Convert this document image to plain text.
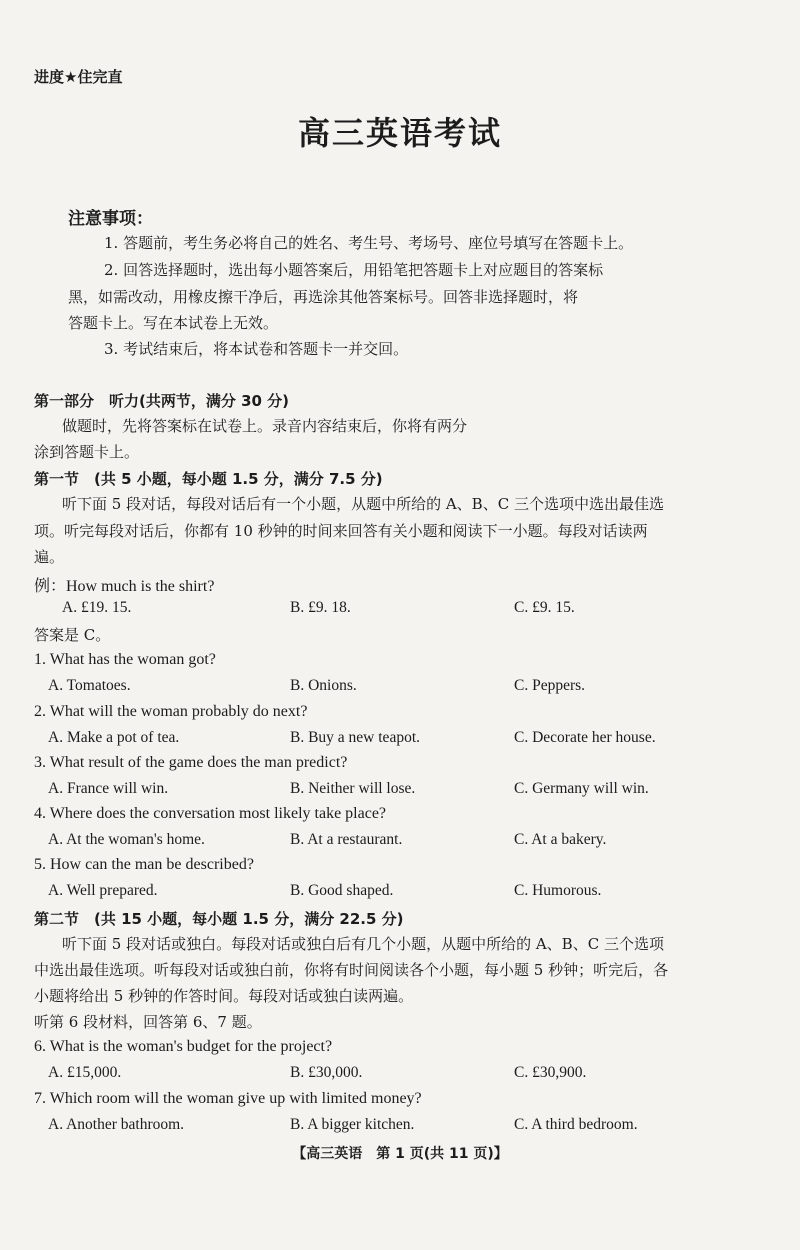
进度★住完直
高三英语考试
注意事项：
1. 答题前，考生务必将自己的姓名、考生号、考场号、座位号填写在答题卡上。
2. 回答选择题时，选出每小题答案后，用铅笔把答题卡上对应题目的答案标
黑，如需改动，用橡皮擦干净后，再选涂其他答案标号。回答非选择题时，将
答题卡上。写在本试卷上无效。
3. 考试结束后，将本试卷和答题卡一并交回。
第一部分　听力(共两节，满分 30 分)
做题时，先将答案标在试卷上。录音内容结束后，你将有两分
涂到答题卡上。
第一节　(共 5 小题，每小题 1.5 分，满分 7.5 分)
听下面 5 段对话，每段对话后有一个小题，从题中所给的 A、B、C 三个选项中选出最佳选
项。听完每段对话后，你都有 10 秒钟的时间来回答有关小题和阅读下一小题。每段对话读两
遍。
例：How much is the shirt?
A. £19. 15.	B. £9. 18.	C. £9. 15.
答案是 C。
1. What has the woman got?
A. Tomatoes.	B. Onions.	C. Peppers.
2. What will the woman probably do next?
A. Make a pot of tea.	B. Buy a new teapot.	C. Decorate her house.
3. What result of the game does the man predict?
A. France will win.	B. Neither will lose.	C. Germany will win.
4. Where does the conversation most likely take place?
A. At the woman's home.	B. At a restaurant.	C. At a bakery.
5. How can the man be described?
A. Well prepared.	B. Good shaped.	C. Humorous.
第二节　(共 15 小题，每小题 1.5 分，满分 22.5 分)
听下面 5 段对话或独白。每段对话或独白后有几个小题，从题中所给的 A、B、C 三个选项
中选出最佳选项。听每段对话或独白前，你将有时间阅读各个小题，每小题 5 秒钟；听完后，各
小题将给出 5 秒钟的作答时间。每段对话或独白读两遍。
听第 6 段材料，回答第 6、7 题。
6. What is the woman's budget for the project?
A. £15,000.	B. £30,000.	C. £30,900.
7. Which room will the woman give up with limited money?
A. Another bathroom.	B. A bigger kitchen.	C. A third bedroom.
【高三英语　第 1 页(共 11 页)】
